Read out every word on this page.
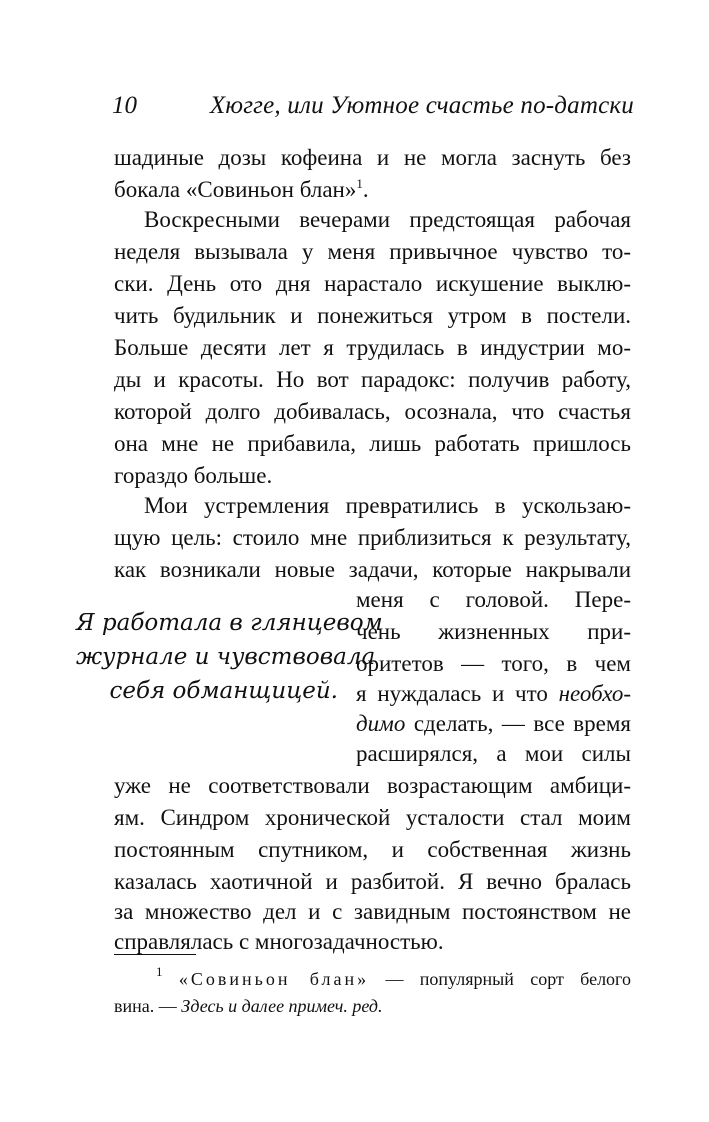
10	Хюгге, или Уютное счастье по-датски
шадиные дозы кофеина и не могла заснуть без
бокала «Совиньон блан»$^1$.
Воскресными вечерами предстоящая рабочая
неделя вызывала у меня привычное чувство то-
ски. День ото дня нарастало искушение выклю-
чить будильник и понежиться утром в постели.
Больше десяти лет я трудилась в индустрии мо-
ды и красоты. Но вот парадокс: получив работу,
которой долго добивалась, осознала, что счастья
она мне не прибавила, лишь работать пришлось
гораздо больше.
Мои устремления превратились в ускользаю-
щую цель: стоило мне приблизиться к результату,
как возникали новые задачи, которые накрывали
меня с головой. Пере-
чень жизненных при-
оритетов — того, в чем
я нуждалась и что необхо-
димо сделать, — все время
расширялся, а мои силы
уже не соответствовали возрастающим амбици-
ям. Синдром хронической усталости стал моим
постоянным спутником, и собственная жизнь
казалась хаотичной и разбитой. Я вечно бралась
за множество дел и с завидным постоянством не
справлялась с многозадачностью.
Я работала в глянцевом
журнале и чувствовала
себя обманщицей.
$^1$ «Совиньон блан» — популярный сорт белого
вина. — Здесь и далее примеч. ред.
